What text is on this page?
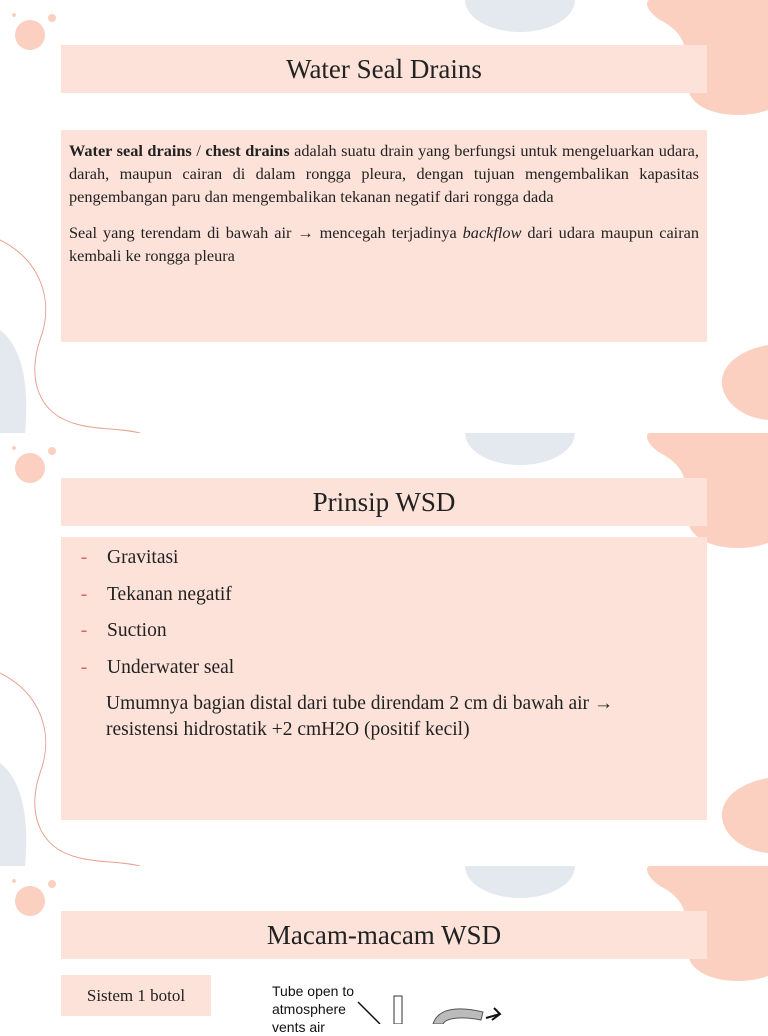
Water Seal Drains

Water seal drains / chest drains adalah suatu drain yang berfungsi untuk mengeluarkan udara, darah, maupun cairan di dalam rongga pleura, dengan tujuan mengembalikan kapasitas pengembangan paru dan mengembalikan tekanan negatif dari rongga dada

Seal yang terendam di bawah air → mencegah terjadinya backflow dari udara maupun cairan kembali ke rongga pleura

Prinsip WSD
-	Gravitasi
-	Tekanan negatif
-	Suction
-	Underwater seal
Umumnya bagian distal dari tube direndam 2 cm di bawah air → resistensi hidrostatik +2 cmH2O (positif kecil)
Macam-macam WSD
Sistem 1 botol	Tube open to
atmosphere
vents air
